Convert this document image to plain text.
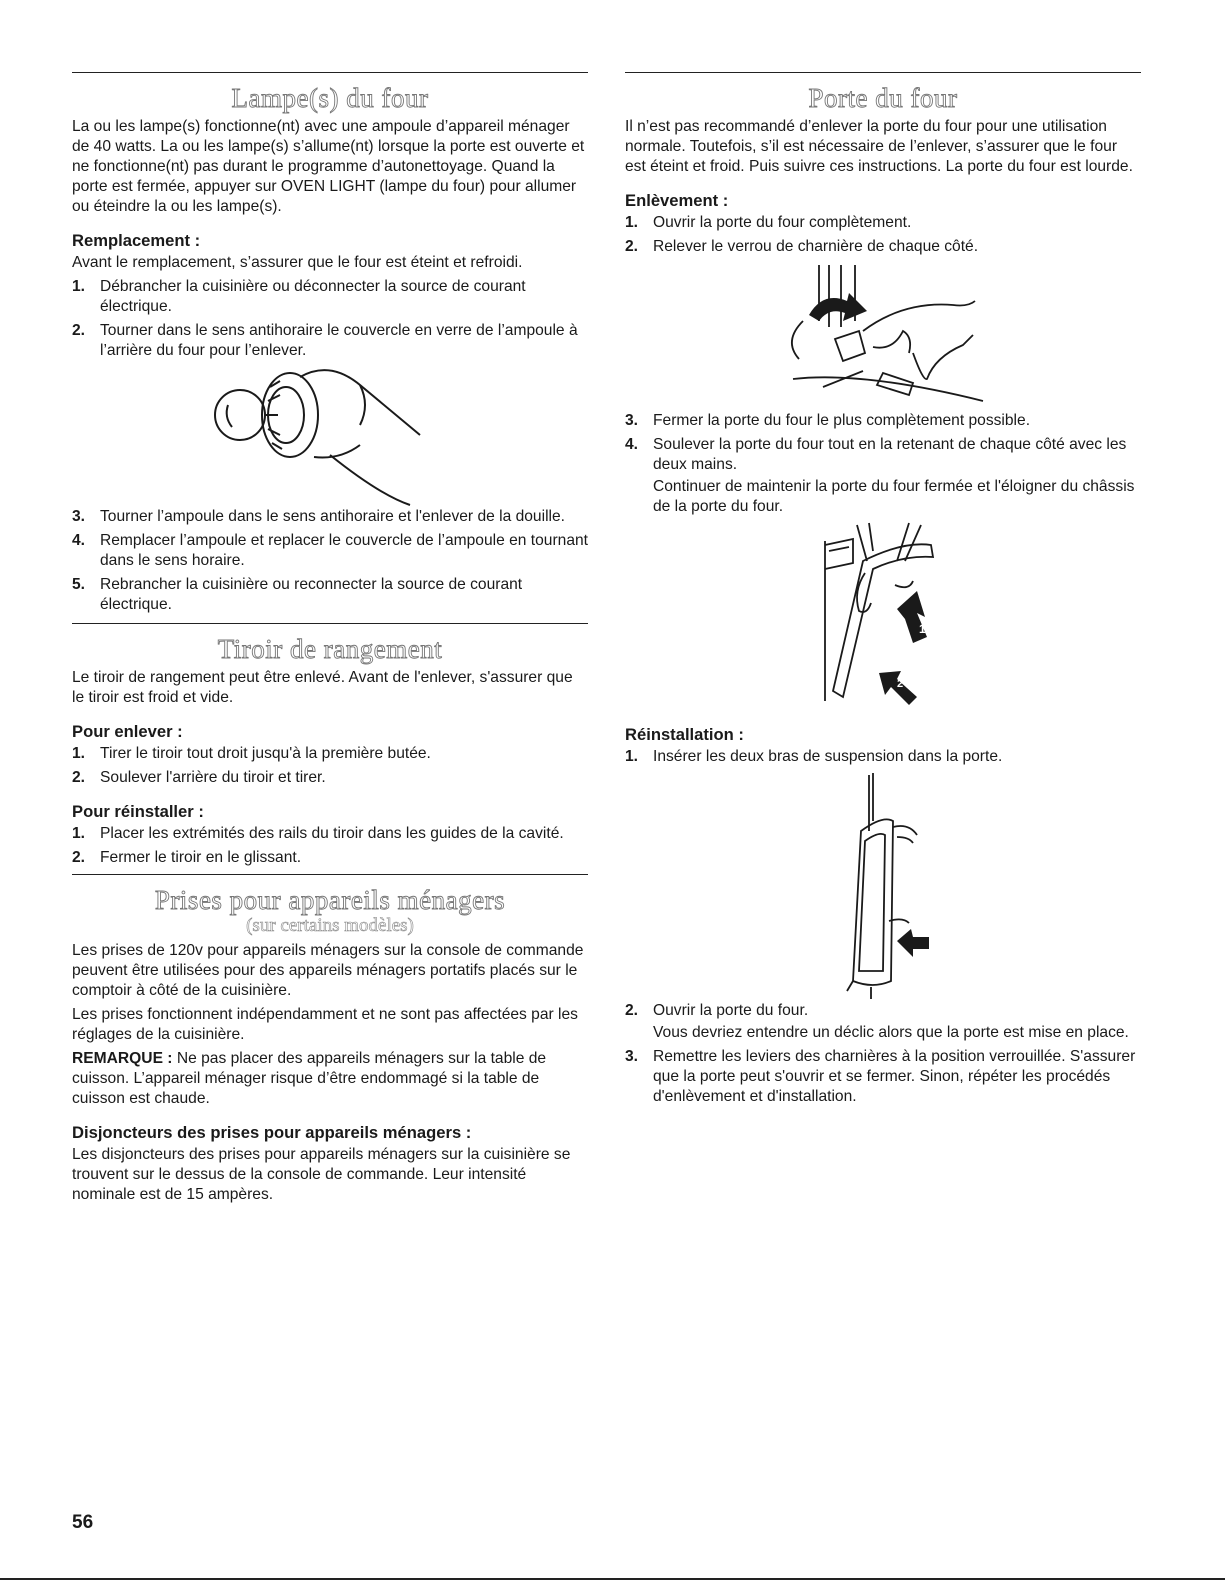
Lampe(s) du four

La ou les lampe(s) fonctionne(nt) avec une ampoule d’appareil ménager de 40 watts. La ou les lampe(s) s’allume(nt) lorsque la porte est ouverte et ne fonctionne(nt) pas durant le programme d’autonettoyage. Quand la porte est fermée, appuyer sur OVEN LIGHT (lampe du four) pour allumer ou éteindre la ou les lampe(s).

Remplacement :

Avant le remplacement, s’assurer que le four est éteint et refroidi.

1. Débrancher la cuisinière ou déconnecter la source de courant électrique.
2. Tourner dans le sens antihoraire le couvercle en verre de l’ampoule à l’arrière du four pour l’enlever.
3. Tourner l’ampoule dans le sens antihoraire et l'enlever de la douille.
4. Remplacer l’ampoule et replacer le couvercle de l’ampoule en tournant dans le sens horaire.
5. Rebrancher la cuisinière ou reconnecter la source de courant électrique.
Tiroir de rangement

Le tiroir de rangement peut être enlevé. Avant de l'enlever, s'assurer que le tiroir est froid et vide.

Pour enlever :
1. Tirer le tiroir tout droit jusqu'à la première butée.
2. Soulever l'arrière du tiroir et tirer.
Pour réinstaller :
1. Placer les extrémités des rails du tiroir dans les guides de la cavité.
2. Fermer le tiroir en le glissant.
Prises pour appareils ménagers
(sur certains modèles)

Les prises de 120v pour appareils ménagers sur la console de commande peuvent être utilisées pour des appareils ménagers portatifs placés sur le comptoir à côté de la cuisinière.

Les prises fonctionnent indépendamment et ne sont pas affectées par les réglages de la cuisinière.

REMARQUE : Ne pas placer des appareils ménagers sur la table de cuisson. L’appareil ménager risque d’être endommagé si la table de cuisson est chaude.

Disjoncteurs des prises pour appareils ménagers :

Les disjoncteurs des prises pour appareils ménagers sur la cuisinière se trouvent sur le dessus de la console de commande. Leur intensité nominale est de 15 ampères.

Porte du four

Il n’est pas recommandé d’enlever la porte du four pour une utilisation normale. Toutefois, s’il est nécessaire de l’enlever, s’assurer que le four est éteint et froid. Puis suivre ces instructions. La porte du four est lourde.

Enlèvement :
1. Ouvrir la porte du four complètement.
2. Relever le verrou de charnière de chaque côté.
3. Fermer la porte du four le plus complètement possible.
4. Soulever la porte du four tout en la retenant de chaque côté avec les deux mains.

Continuer de maintenir la porte du four fermée et l'éloigner du châssis de la porte du four.

1
2
Réinstallation :
1. Insérer les deux bras de suspension dans la porte.
2. Ouvrir la porte du four.

Vous devriez entendre un déclic alors que la porte est mise en place.

3. Remettre les leviers des charnières à la position verrouillée. S'assurer que la porte peut s'ouvrir et se fermer. Sinon, répéter les procédés d'enlèvement et d'installation.
56
